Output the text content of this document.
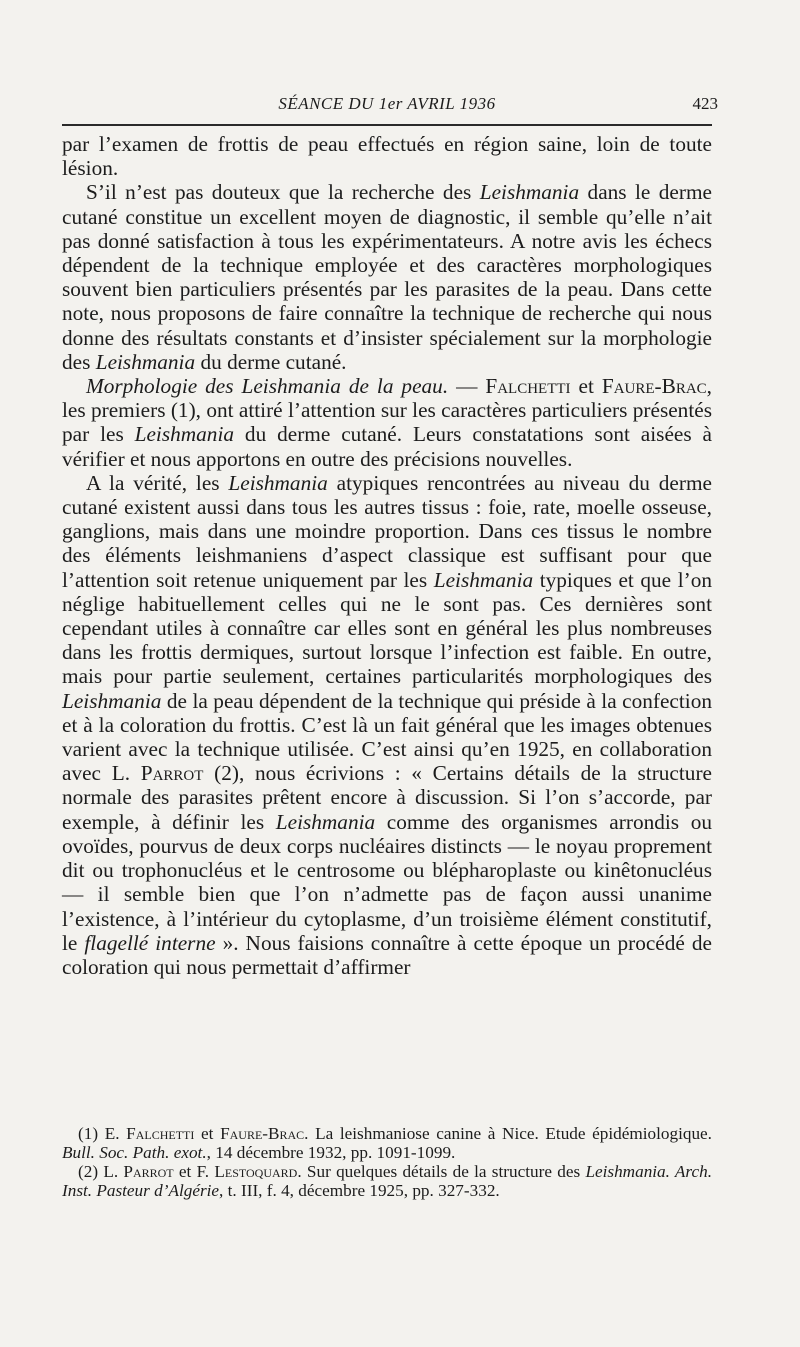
SÉANCE DU 1er AVRIL 1936	423

par l’examen de frottis de peau effectués en région saine, loin de toute lésion.

S’il n’est pas douteux que la recherche des Leishmania dans le derme cutané constitue un excellent moyen de diagnostic, il semble qu’elle n’ait pas donné satisfaction à tous les expérimentateurs. A notre avis les échecs dépendent de la technique employée et des caractères morphologiques souvent bien particuliers présentés par les parasites de la peau. Dans cette note, nous proposons de faire connaître la technique de recherche qui nous donne des résultats constants et d’insister spécialement sur la morphologie des Leishmania du derme cutané.

Morphologie des Leishmania de la peau. — Falchetti et Faure-Brac, les premiers (1), ont attiré l’attention sur les caractères particuliers présentés par les Leishmania du derme cutané. Leurs constatations sont aisées à vérifier et nous apportons en outre des précisions nouvelles.

A la vérité, les Leishmania atypiques rencontrées au niveau du derme cutané existent aussi dans tous les autres tissus : foie, rate, moelle osseuse, ganglions, mais dans une moindre proportion. Dans ces tissus le nombre des éléments leishmaniens d’aspect classique est suffisant pour que l’attention soit retenue uniquement par les Leishmania typiques et que l’on néglige habituellement celles qui ne le sont pas. Ces dernières sont cependant utiles à connaître car elles sont en général les plus nombreuses dans les frottis dermiques, surtout lorsque l’infection est faible. En outre, mais pour partie seulement, certaines particularités morphologiques des Leishmania de la peau dépendent de la technique qui préside à la confection et à la coloration du frottis. C’est là un fait général que les images obtenues varient avec la technique utilisée. C’est ainsi qu’en 1925, en collaboration avec L. Parrot (2), nous écrivions : « Certains détails de la structure normale des parasites prêtent encore à discussion. Si l’on s’accorde, par exemple, à définir les Leishmania comme des organismes arrondis ou ovoïdes, pourvus de deux corps nucléaires distincts — le noyau proprement dit ou trophonucléus et le centrosome ou blépharoplaste ou kinêtonucléus — il semble bien que l’on n’admette pas de façon aussi unanime l’existence, à l’intérieur du cytoplasme, d’un troisième élément constitutif, le flagellé interne ». Nous faisions connaître à cette époque un procédé de coloration qui nous permettait d’affirmer

(1) E. Falchetti et Faure-Brac. La leishmaniose canine à Nice. Etude épidémiologique. Bull. Soc. Path. exot., 14 décembre 1932, pp. 1091-1099.

(2) L. Parrot et F. Lestoquard. Sur quelques détails de la structure des Leishmania. Arch. Inst. Pasteur d’Algérie, t. III, f. 4, décembre 1925, pp. 327-332.
